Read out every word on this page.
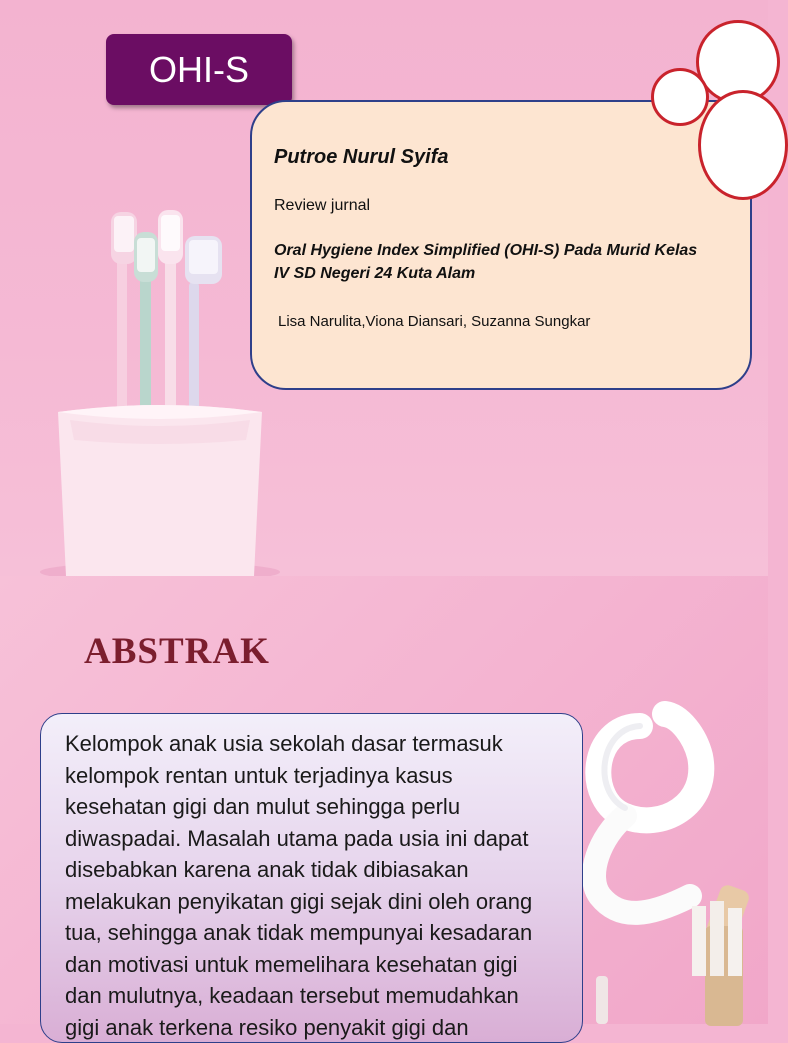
OHI-S
Putroe Nurul Syifa
Review jurnal
Oral Hygiene Index Simplified (OHI-S) Pada Murid Kelas
IV SD Negeri 24 Kuta Alam
Lisa Narulita,Viona Diansari, Suzanna Sungkar
ABSTRAK
Kelompok anak usia sekolah dasar termasuk
kelompok rentan untuk terjadinya kasus
kesehatan gigi dan mulut sehingga perlu
diwaspadai. Masalah utama pada usia ini dapat
disebabkan karena anak tidak dibiasakan
melakukan penyikatan gigi sejak dini oleh orang
tua, sehingga anak tidak mempunyai kesadaran
dan motivasi untuk memelihara kesehatan gigi
dan mulutnya, keadaan tersebut memudahkan
gigi anak terkena resiko penyakit gigi dan
